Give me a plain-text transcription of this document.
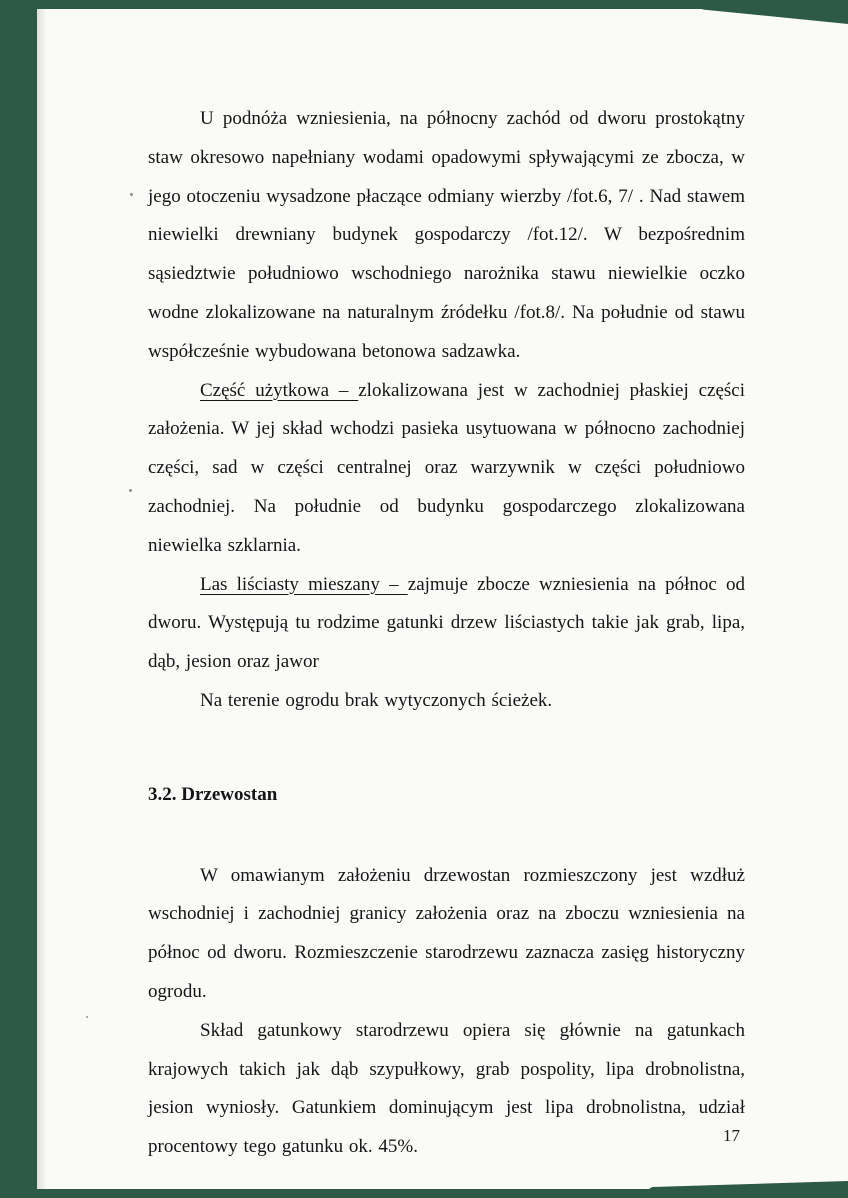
U podnóża wzniesienia, na północny zachód od dworu prostokątny staw okresowo napełniany wodami opadowymi spływającymi ze zbocza, w jego otoczeniu wysadzone płaczące odmiany wierzby /fot.6, 7/ . Nad stawem niewielki drewniany budynek gospodarczy /fot.12/. W bezpośrednim sąsiedztwie południowo wschodniego narożnika stawu niewielkie oczko wodne zlokalizowane na naturalnym źródełku /fot.8/. Na południe od stawu współcześnie wybudowana betonowa sadzawka.

Część użytkowa – zlokalizowana jest w zachodniej płaskiej części założenia. W jej skład wchodzi pasieka usytuowana w północno zachodniej części, sad w części centralnej oraz warzywnik w części południowo zachodniej. Na południe od budynku gospodarczego zlokalizowana niewielka szklarnia.

Las liściasty mieszany – zajmuje zbocze wzniesienia na północ od dworu. Występują tu rodzime gatunki drzew liściastych takie jak grab, lipa, dąb, jesion oraz jawor

Na terenie ogrodu brak wytyczonych ścieżek.

3.2. Drzewostan

W omawianym założeniu drzewostan rozmieszczony jest wzdłuż wschodniej i zachodniej granicy założenia oraz na zboczu wzniesienia na północ od dworu. Rozmieszczenie starodrzewu zaznacza zasięg historyczny ogrodu.

Skład gatunkowy starodrzewu opiera się głównie na gatunkach krajowych takich jak dąb szypułkowy, grab pospolity, lipa drobnolistna, jesion wyniosły. Gatunkiem dominującym jest lipa drobnolistna, udział procentowy tego gatunku ok. 45%.

17
